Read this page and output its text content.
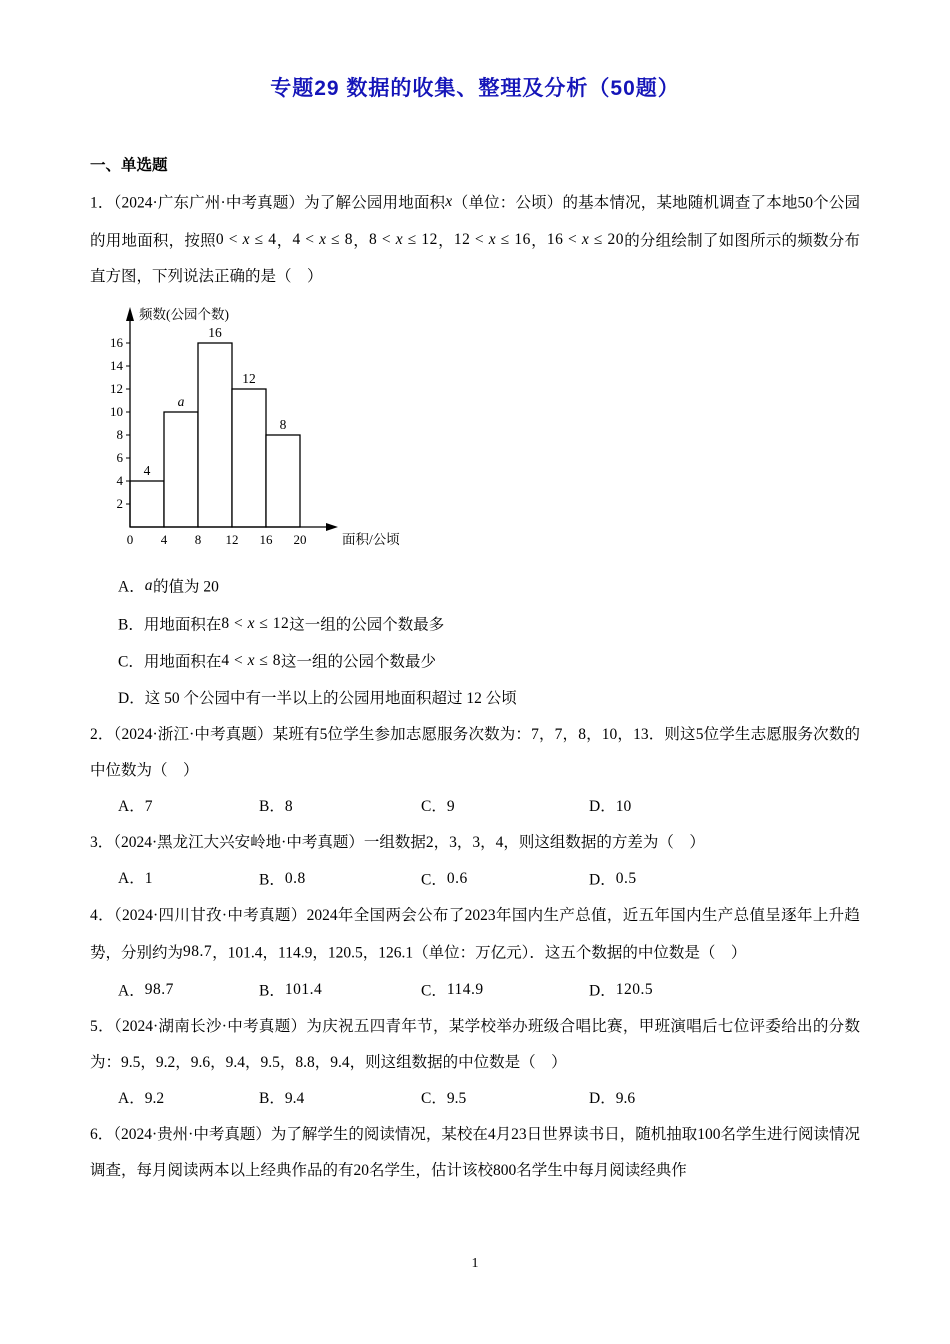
专题29 数据的收集、整理及分析（50题）
一、单选题

1．（2024·广东广州·中考真题）为了解公园用地面积x（单位：公顷）的基本情况，某地随机调查了本地50个公园的用地面积，按照0 < x ≤ 4，4 < x ≤ 8，8 < x ≤ 12，12 < x ≤ 16，16 < x ≤ 20的分组绘制了如图所示的频数分布直方图，下列说法正确的是（　）

4
a
16
12
8
2
4
6
8
10
12
14
16
0 4 8 12 16 20
频数(公园个数)
面积/公顷
A．a的值为 20
B．用地面积在8 < x ≤ 12这一组的公园个数最多
C．用地面积在4 < x ≤ 8这一组的公园个数最少
D．这 50 个公园中有一半以上的公园用地面积超过 12 公顷

2．（2024·浙江·中考真题）某班有5位学生参加志愿服务次数为：7，7，8，10，13．则这5位学生志愿服务次数的中位数为（　）

A．7	B．8	C．9	D．10

3．（2024·黑龙江大兴安岭地·中考真题）一组数据2，3，3，4，则这组数据的方差为（　）

A．1	B．0.8	C．0.6	D．0.5

4．（2024·四川甘孜·中考真题）2024年全国两会公布了2023年国内生产总值，近五年国内生产总值呈逐年上升趋势，分别约为98.7，101.4，114.9，120.5，126.1（单位：万亿元）．这五个数据的中位数是（　）

A．98.7	B．101.4	C．114.9	D．120.5

5．（2024·湖南长沙·中考真题）为庆祝五四青年节，某学校举办班级合唱比赛，甲班演唱后七位评委给出的分数为：9.5，9.2，9.6，9.4，9.5，8.8，9.4，则这组数据的中位数是（　）

A．9.2	B．9.4	C．9.5	D．9.6

6．（2024·贵州·中考真题）为了解学生的阅读情况，某校在4月23日世界读书日，随机抽取100名学生进行阅读情况调查，每月阅读两本以上经典作品的有20名学生，估计该校800名学生中每月阅读经典作

1
